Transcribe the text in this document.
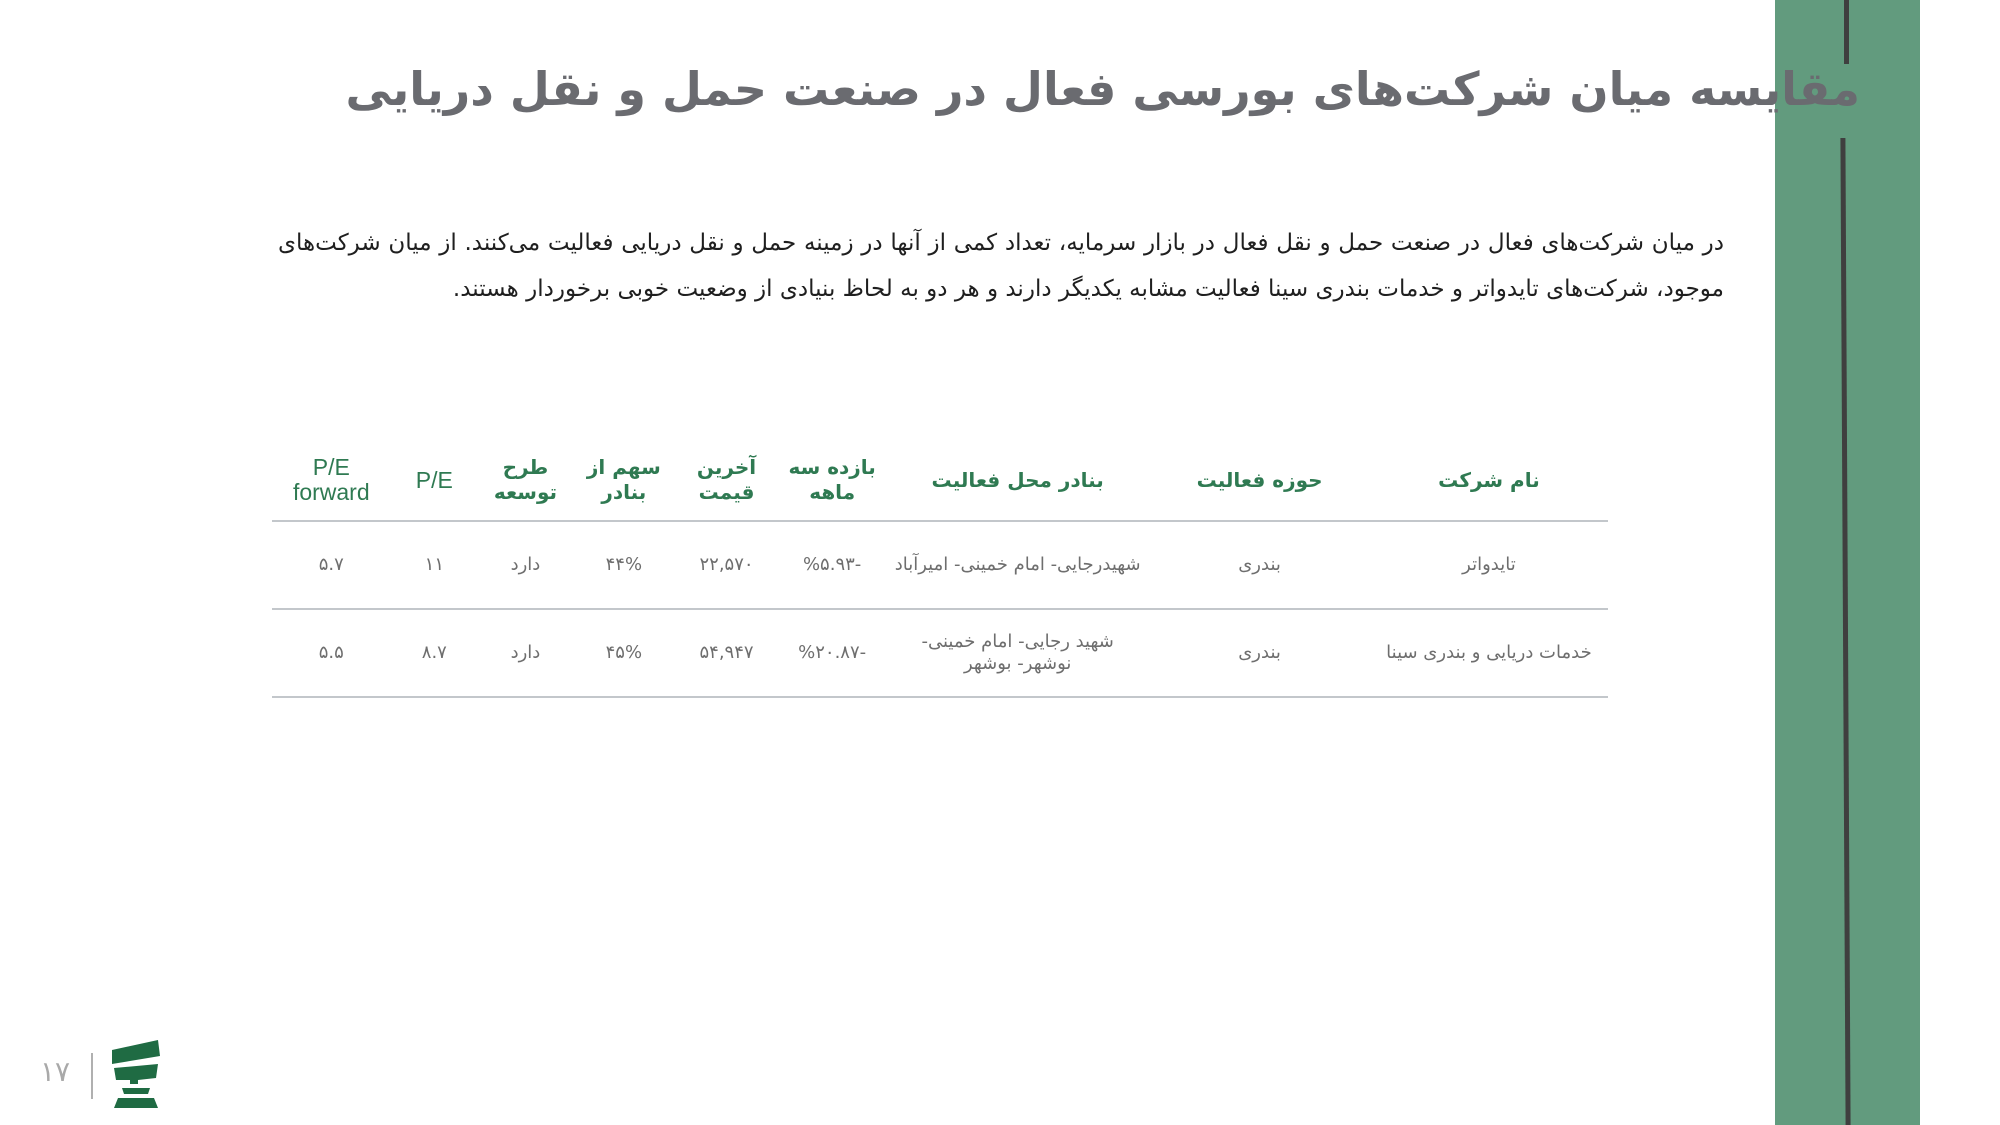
مقایسه میان شرکت‌های بورسی فعال در صنعت حمل و نقل دریایی

در میان شرکت‌های فعال در صنعت حمل و نقل فعال در بازار سرمایه، تعداد کمی از آنها در زمینه حمل و نقل دریایی فعالیت می‌کنند. از میان شرکت‌های موجود، شرکت‌های تایدواتر و خدمات بندری سینا فعالیت مشابه یکدیگر دارند و هر دو به لحاظ بنیادی از وضعیت خوبی برخوردار هستند.

نام شرکت	حوزه فعالیت	بنادر محل فعالیت	بازده سه ماهه	آخرین قیمت	سهم از بنادر	طرح توسعه	P/E	P/E forward
تایدواتر	بندری	شهیدرجایی- امام خمینی- امیرآباد	-%۵.۹۳	۲۲,۵۷۰	۴۴%	دارد	۱۱	۵.۷
خدمات دریایی و بندری سینا	بندری	شهید رجایی- امام خمینی- نوشهر- بوشهر	-%۲۰.۸۷	۵۴,۹۴۷	۴۵%	دارد	۸.۷	۵.۵
۱۷
